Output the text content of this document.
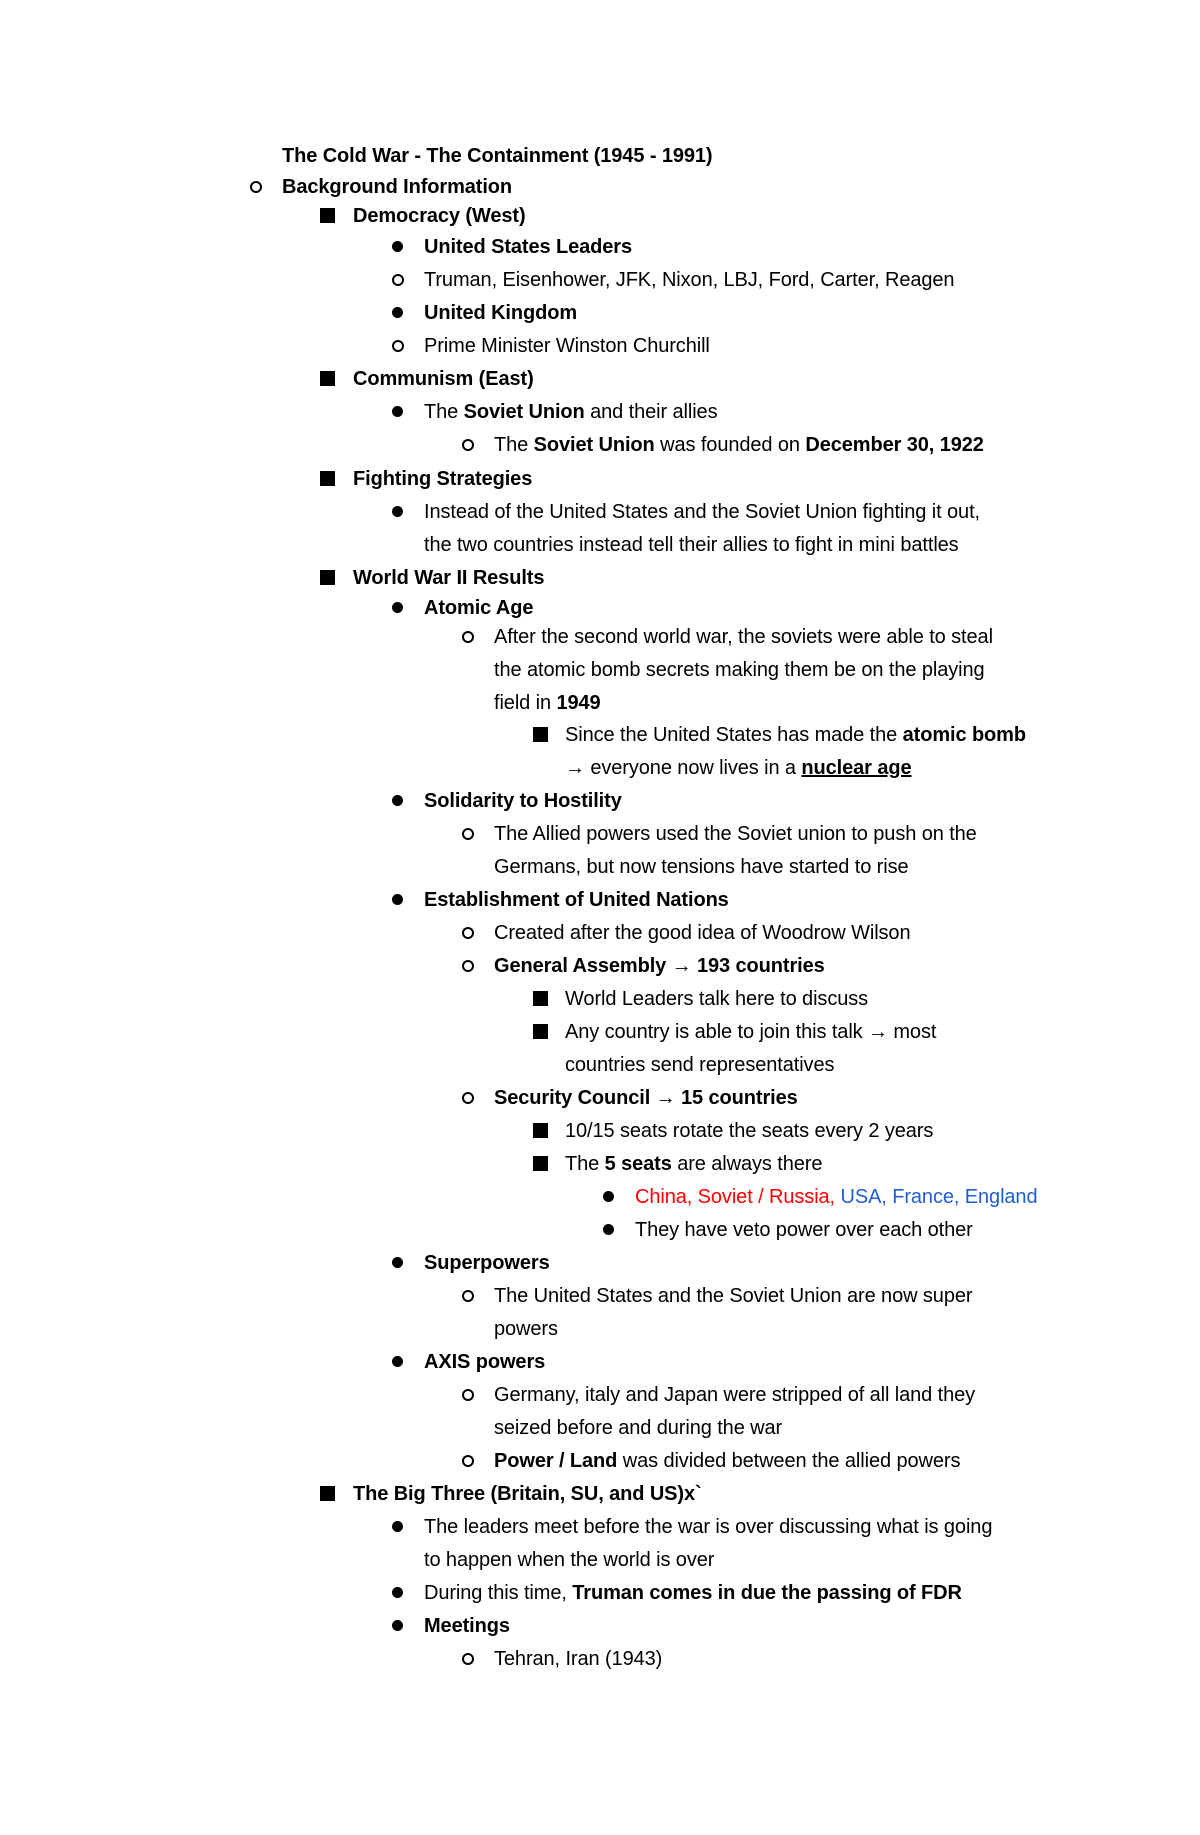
The Cold War - The Containment (1945 - 1991)
Background Information
Democracy (West)
United States Leaders
Truman, Eisenhower, JFK, Nixon, LBJ, Ford, Carter, Reagen
United Kingdom
Prime Minister Winston Churchill
Communism (East)
The Soviet Union and their allies
The Soviet Union was founded on December 30, 1922
Fighting Strategies
Instead of the United States and the Soviet Union fighting it out,
the two countries instead tell their allies to fight in mini battles
World War II Results
Atomic Age
After the second world war, the soviets were able to steal
the atomic bomb secrets making them be on the playing
field in 1949
Since the United States has made the atomic bomb
→ everyone now lives in a nuclear age
Solidarity to Hostility
The Allied powers used the Soviet union to push on the
Germans, but now tensions have started to rise
Establishment of United Nations
Created after the good idea of Woodrow Wilson
General Assembly → 193 countries
World Leaders talk here to discuss
Any country is able to join this talk → most
countries send representatives
Security Council → 15 countries
10/15 seats rotate the seats every 2 years
The 5 seats are always there
China, Soviet / Russia, USA, France, England
They have veto power over each other
Superpowers
The United States and the Soviet Union are now super
powers
AXIS powers
Germany, italy and Japan were stripped of all land they
seized before and during the war
Power / Land was divided between the allied powers
The Big Three (Britain, SU, and US)x`
The leaders meet before the war is over discussing what is going
to happen when the world is over
During this time, Truman comes in due the passing of FDR
Meetings
Tehran, Iran (1943)
